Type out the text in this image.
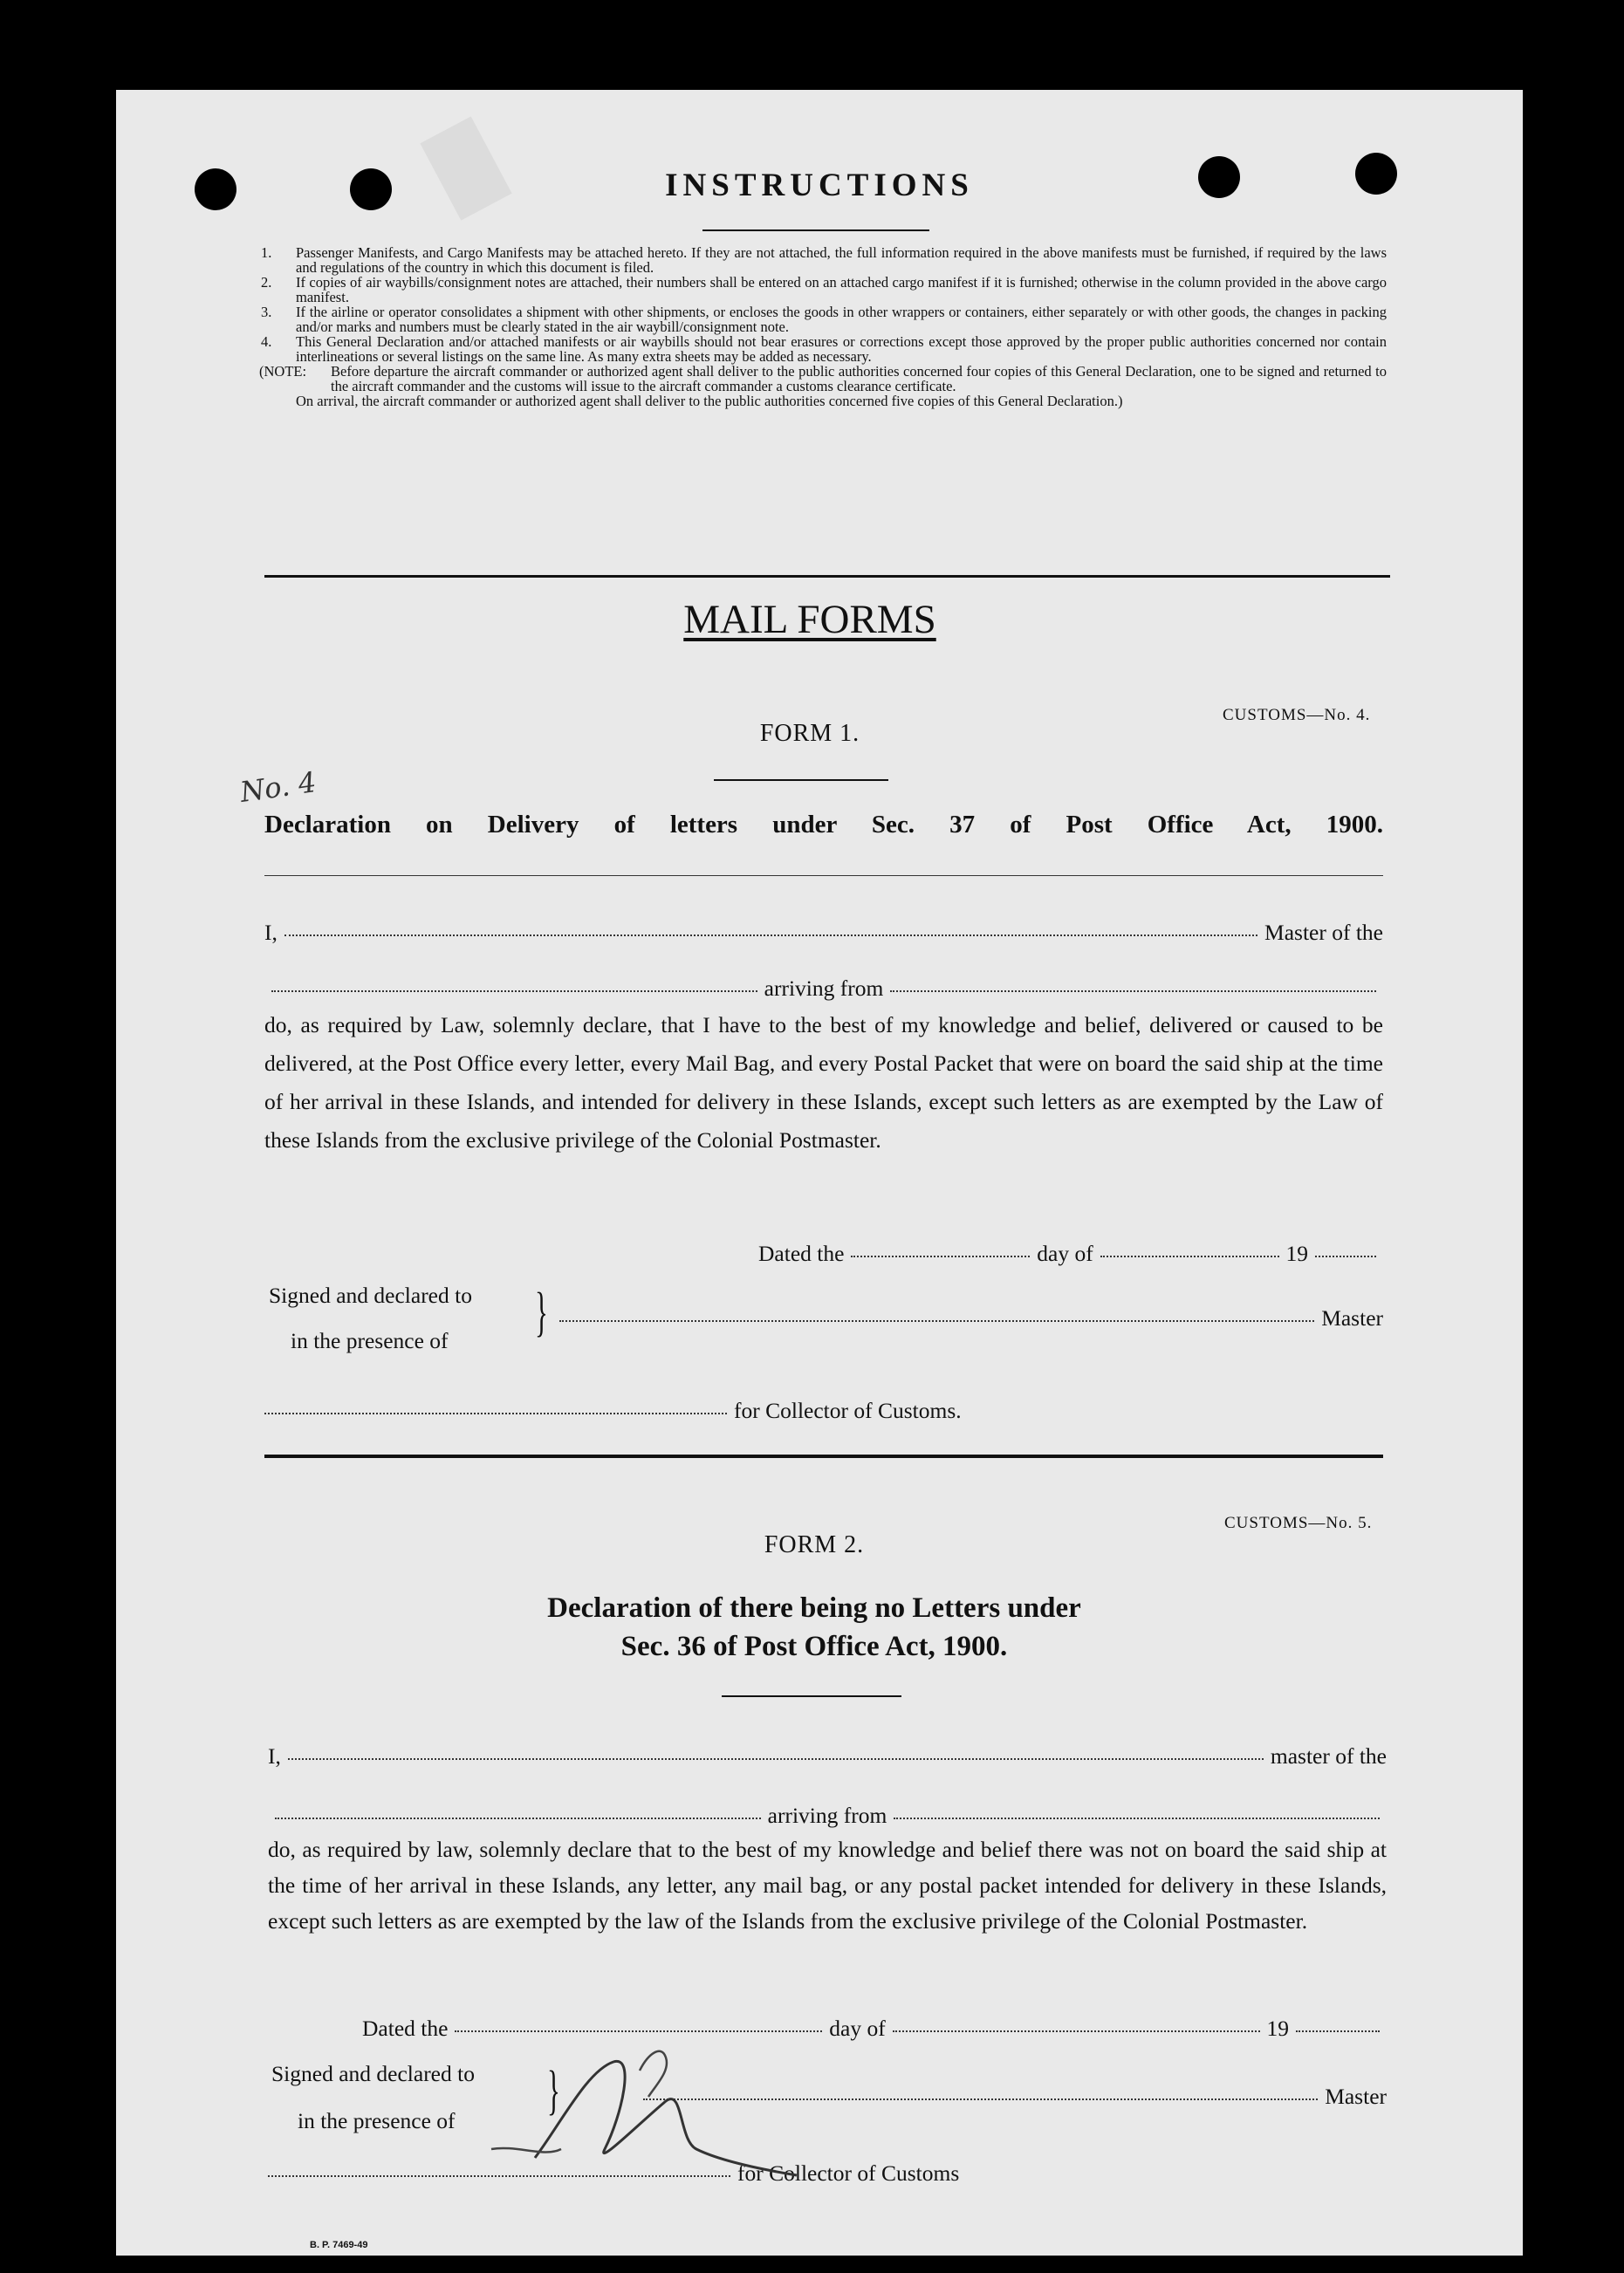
INSTRUCTIONS
1. Passenger Manifests, and Cargo Manifests may be attached hereto. If they are not attached, the full information required in the above manifests must be furnished, if required by the laws and regulations of the country in which this document is filed.
2. If copies of air waybills/consignment notes are attached, their numbers shall be entered on an attached cargo manifest if it is furnished; otherwise in the column provided in the above cargo manifest.
3. If the airline or operator consolidates a shipment with other shipments, or encloses the goods in other wrappers or containers, either separately or with other goods, the changes in packing and/or marks and numbers must be clearly stated in the air waybill/consignment note.
4. This General Declaration and/or attached manifests or air waybills should not bear erasures or corrections except those approved by the proper public authorities concerned nor contain interlineations or several listings on the same line. As many extra sheets may be added as necessary.
(NOTE:	Before departure the aircraft commander or authorized agent shall deliver to the public authorities concerned four copies of this General Declaration, one to be signed and returned to the aircraft commander and the customs will issue to the aircraft commander a customs clearance certificate.
On arrival, the aircraft commander or authorized agent shall deliver to the public authorities concerned five copies of this General Declaration.)
MAIL FORMS
CUSTOMS—No. 4.
FORM 1.
No. 4
Declaration on Delivery of letters under Sec. 37 of Post Office Act, 1900.
I,	Master of the
arriving from
do, as required by Law, solemnly declare, that I have to the best of my knowledge and belief, delivered or caused to be delivered, at the Post Office every letter, every Mail Bag, and every Postal Packet that were on board the said ship at the time of her arrival in these Islands, and intended for delivery in these Islands, except such letters as are exempted by the Law of these Islands from the exclusive privilege of the Colonial Postmaster.
Dated the	day of	19
Signed and declared to
in the presence of }	Master
for Collector of Customs.
CUSTOMS—No. 5.
FORM 2.
Declaration of there being no Letters under
Sec. 36 of Post Office Act, 1900.
I,	master of the
arriving from
do, as required by law, solemnly declare that to the best of my knowledge and belief there was not on board the said ship at the time of her arrival in these Islands, any letter, any mail bag, or any postal packet intended for delivery in these Islands, except such letters as are exempted by the law of the Islands from the exclusive privilege of the Colonial Postmaster.
Dated the	day of	19
Signed and declared to
in the presence of
}	Master
for Collector of Customs
B. P. 7469-49
